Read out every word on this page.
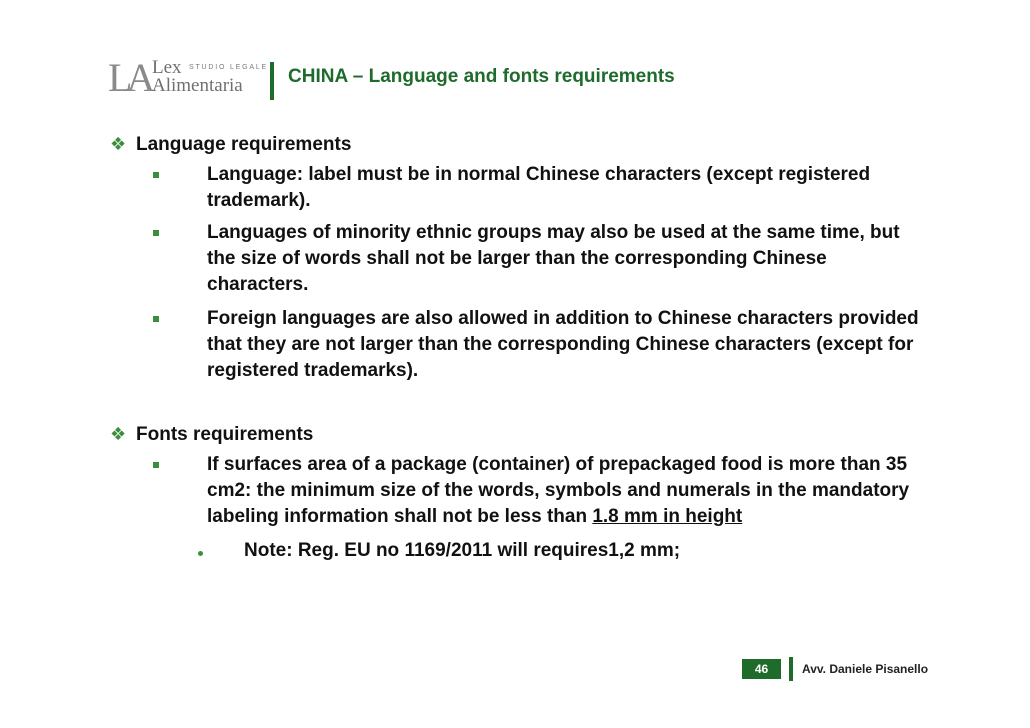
LA Lex STUDIO LEGALE
Alimentaria CHINA – Language and fonts requirements
❖ Language requirements
Language: label must be in normal Chinese characters (except registered trademark).
Languages of minority ethnic groups may also be used at the same time, but the size of words shall not be larger than the corresponding Chinese characters.
Foreign languages are also allowed in addition to Chinese characters provided that they are not larger than the corresponding Chinese characters (except for registered trademarks).
❖ Fonts requirements
If surfaces area of a package (container) of prepackaged food is more than 35 cm2: the minimum size of the words, symbols and numerals in the mandatory labeling information shall not be less than 1.8 mm in height
Note: Reg. EU no 1169/2011 will requires1,2 mm;
46	Avv. Daniele Pisanello
